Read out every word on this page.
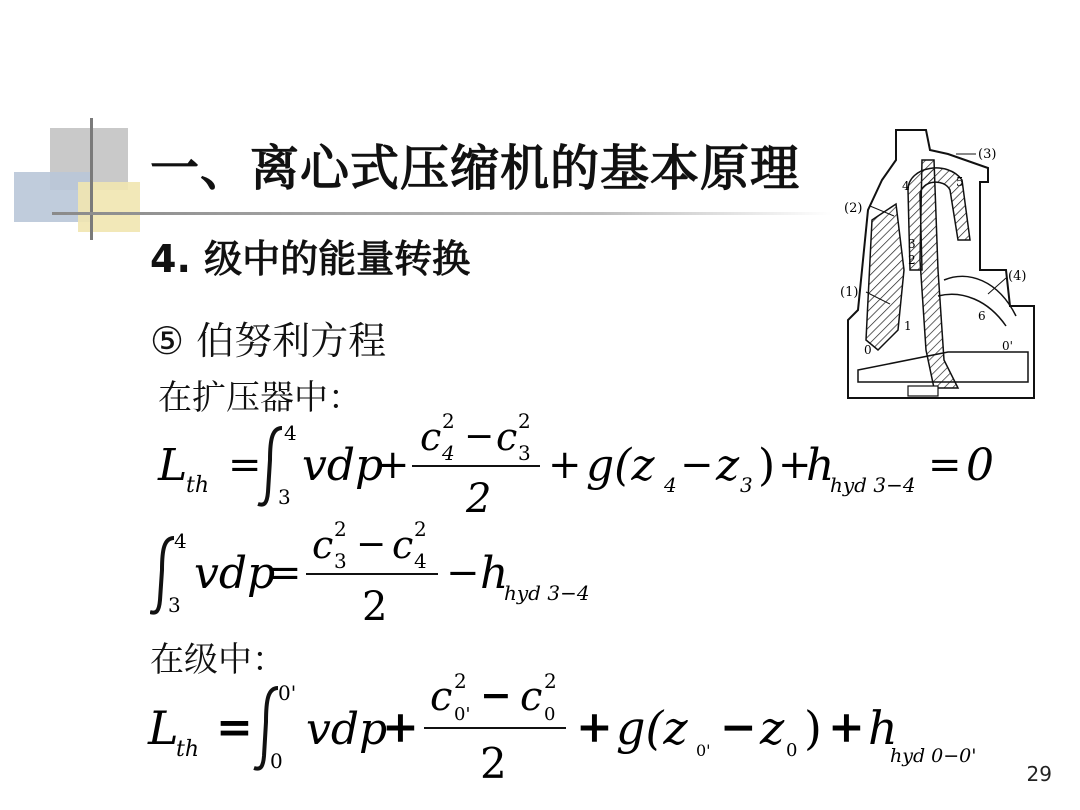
一、离心式压缩机的基本原理
4. 级中的能量转换
⑤ 伯努利方程
在扩压器中：
L
th =
4
3
vdp
+
c 2
4 − c 2
3
2
+ g(z 4 − z 3 ) +
h
hyd 3−4 = 0
4
3
vdp
=
c 2
3 − c 2
4
2
− h
hyd 3−4
在级中：
L
th =
0'
0
vdp
+
c 2
0' − c 2
0
2
+ g(z 0' − z 0 ) + h
hyd 0−0'
(3)
(2)
(1)
(4)
4	5
3
2
1
0
6
0'
29
